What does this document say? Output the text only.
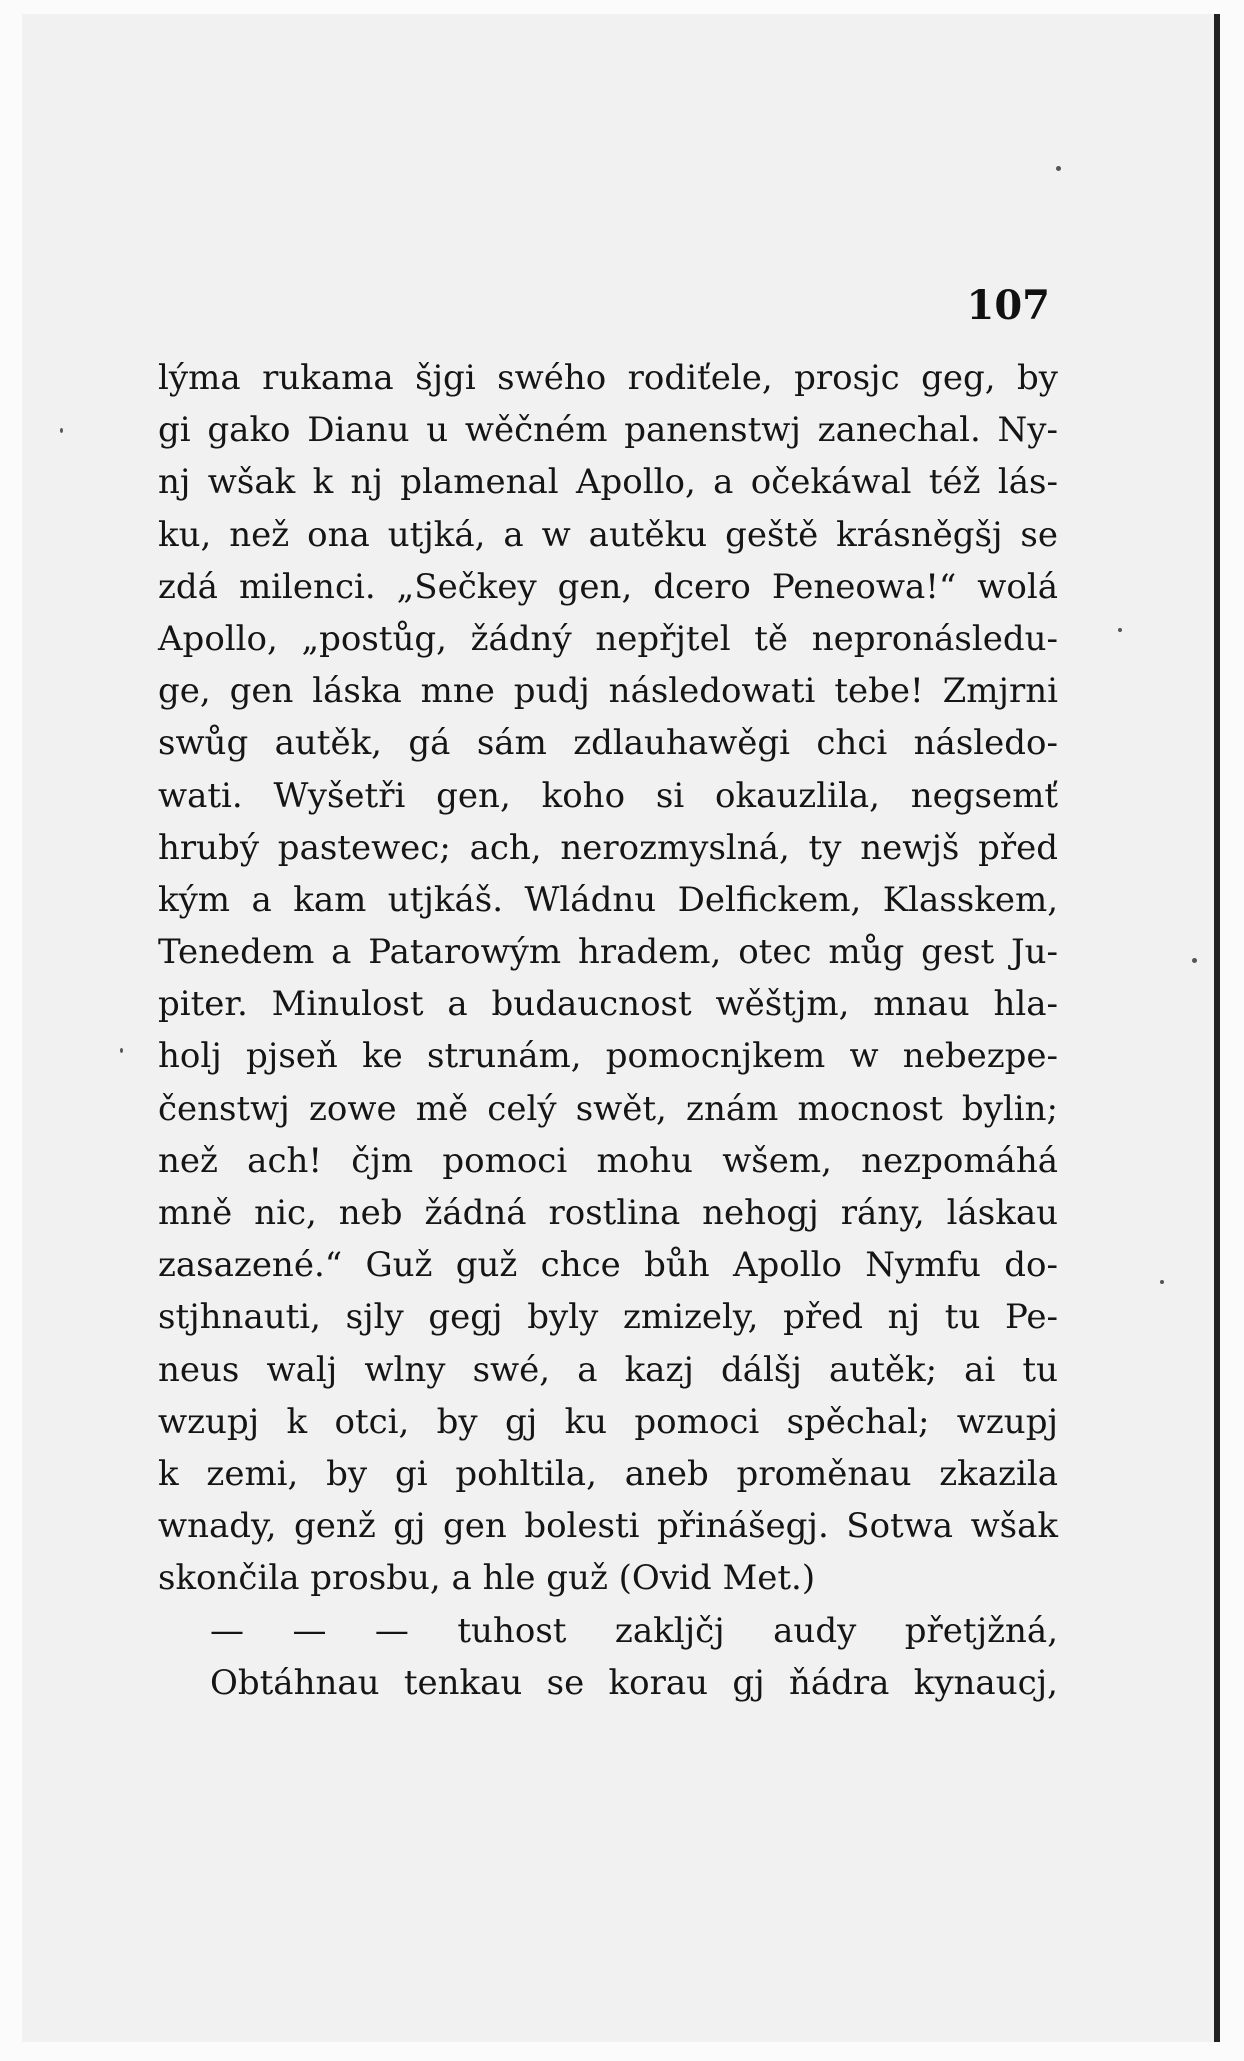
107

lýma rukama šjgi swého rodiťele, prosjc geg, by
gi gako Dianu u wěčném panenstwj zanechal. Ny-
nj wšak k nj plamenal Apollo, a očekáwal též lás-
ku, než ona utjká, a w autěku geště krásněgšj se
zdá milenci. „Sečkey gen, dcero Peneowa!“ wolá
Apollo, „postůg, žádný nepřjtel tě nepronásledu-
ge, gen láska mne pudj následowati tebe! Zmjrni
swůg autěk, gá sám zdlauhawěgi chci následo-
wati. Wyšetři gen, koho si okauzlila, negsemť
hrubý pastewec; ach, nerozmyslná, ty newjš před
kým a kam utjkáš. Wládnu Delfickem, Klasskem,
Tenedem a Patarowým hradem, otec můg gest Ju-
piter. Minulost a budaucnost wěštjm, mnau hla-
holj pjseň ke strunám, pomocnjkem w nebezpe-
čenstwj zowe mě celý swět, znám mocnost bylin;
než ach! čjm pomoci mohu wšem, nezpomáhá
mně nic, neb žádná rostlina nehogj rány, láskau
zasazené.“ Guž guž chce bůh Apollo Nymfu do-
stjhnauti, sjly gegj byly zmizely, před nj tu Pe-
neus walj wlny swé, a kazj dálšj autěk; ai tu
wzupj k otci, by gj ku pomoci spěchal; wzupj
k zemi, by gi pohltila, aneb proměnau zkazila
wnady, genž gj gen bolesti přinášegj. Sotwa wšak
skončila prosbu, a hle guž (Ovid Met.)
— — — tuhost zakljčj audy přetjžná,
Obtáhnau tenkau se korau gj ňádra kynaucj,
